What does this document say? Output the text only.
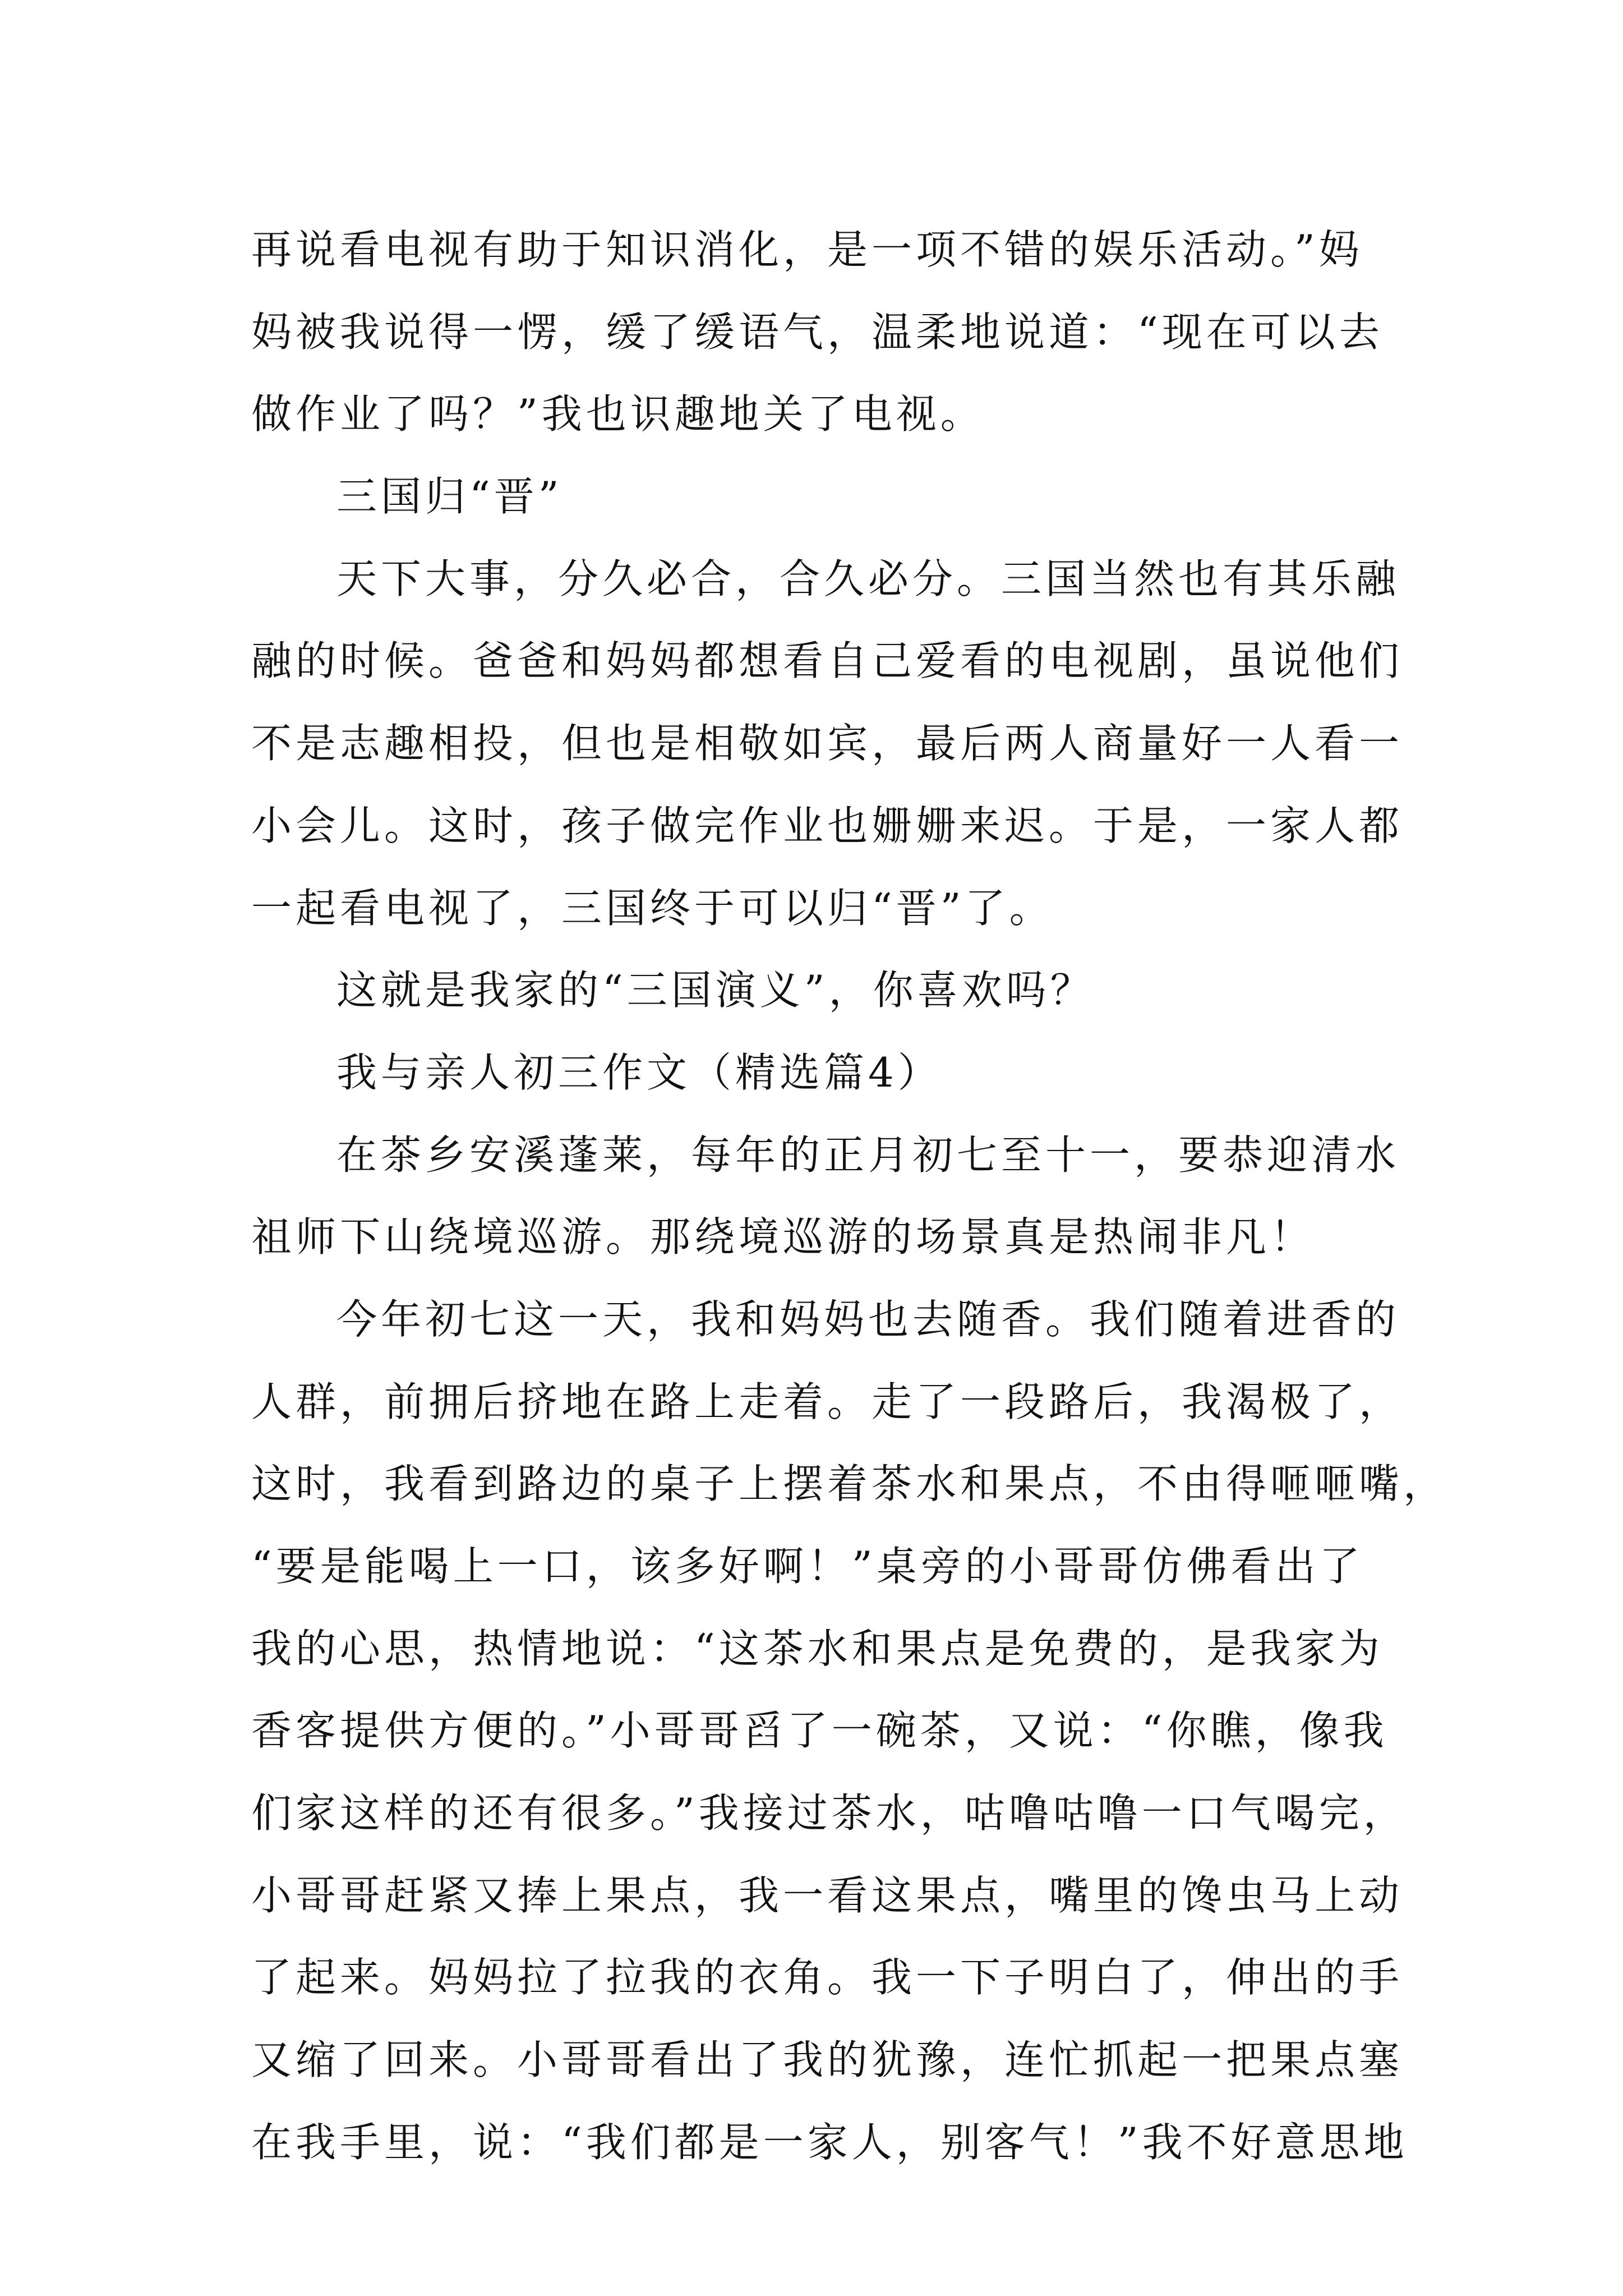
再说看电视有助于知识消化，是一项不错的娱乐活动。”妈
妈被我说得一愣，缓了缓语气，温柔地说道：“现在可以去
做作业了吗？”我也识趣地关了电视。
三国归“晋”
天下大事，分久必合，合久必分。三国当然也有其乐融
融的时候。爸爸和妈妈都想看自己爱看的电视剧，虽说他们
不是志趣相投，但也是相敬如宾，最后两人商量好一人看一
小会儿。这时，孩子做完作业也姗姗来迟。于是，一家人都
一起看电视了，三国终于可以归“晋”了。
这就是我家的“三国演义”，你喜欢吗？
我与亲人初三作文（精选篇4）
在茶乡安溪蓬莱，每年的正月初七至十一，要恭迎清水
祖师下山绕境巡游。那绕境巡游的场景真是热闹非凡！
今年初七这一天，我和妈妈也去随香。我们随着进香的
人群，前拥后挤地在路上走着。走了一段路后，我渴极了，
这时，我看到路边的桌子上摆着茶水和果点，不由得咂咂嘴，
“要是能喝上一口，该多好啊！”桌旁的小哥哥仿佛看出了
我的心思，热情地说：“这茶水和果点是免费的，是我家为
香客提供方便的。”小哥哥舀了一碗茶，又说：“你瞧，像我
们家这样的还有很多。”我接过茶水，咕噜咕噜一口气喝完，
小哥哥赶紧又捧上果点，我一看这果点，嘴里的馋虫马上动
了起来。妈妈拉了拉我的衣角。我一下子明白了，伸出的手
又缩了回来。小哥哥看出了我的犹豫，连忙抓起一把果点塞
在我手里，说：“我们都是一家人，别客气！”我不好意思地
